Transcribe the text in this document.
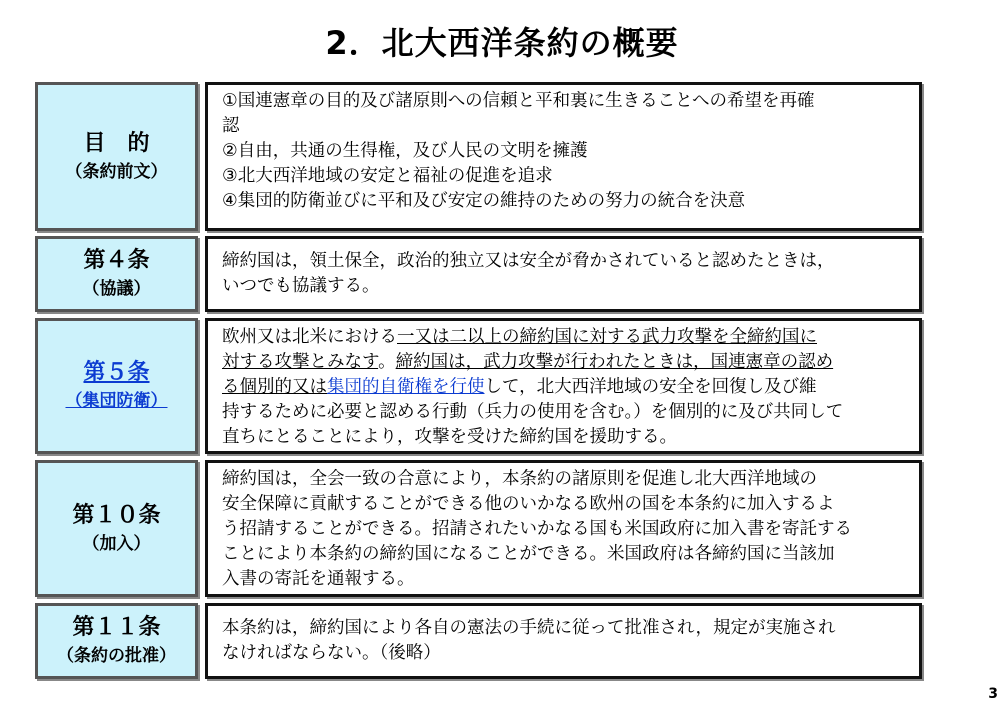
2．北大西洋条約の概要
目　的
（条約前文）
①国連憲章の目的及び諸原則への信頼と平和裏に生きることへの希望を再確
認
②自由，共通の生得権，及び人民の文明を擁護
③北大西洋地域の安定と福祉の促進を追求
④集団的防衛並びに平和及び安定の維持のための努力の統合を決意
第４条
（協議）
締約国は，領土保全，政治的独立又は安全が脅かされていると認めたときは，
いつでも協議する。
第５条
（集団防衛）
欧州又は北米における一又は二以上の締約国に対する武力攻撃を全締約国に
対する攻撃とみなす。締約国は，武力攻撃が行われたときは，国連憲章の認め
る個別的又は集団的自衛権を行使して，北大西洋地域の安全を回復し及び維
持するために必要と認める行動（兵力の使用を含む。）を個別的に及び共同して
直ちにとることにより，攻撃を受けた締約国を援助する。
第１０条
（加入）
締約国は，全会一致の合意により，本条約の諸原則を促進し北大西洋地域の
安全保障に貢献することができる他のいかなる欧州の国を本条約に加入するよ
う招請することができる。招請されたいかなる国も米国政府に加入書を寄託する
ことにより本条約の締約国になることができる。米国政府は各締約国に当該加
入書の寄託を通報する。
第１１条
（条約の批准）
本条約は，締約国により各自の憲法の手続に従って批准され，規定が実施され
なければならない。（後略）
3
